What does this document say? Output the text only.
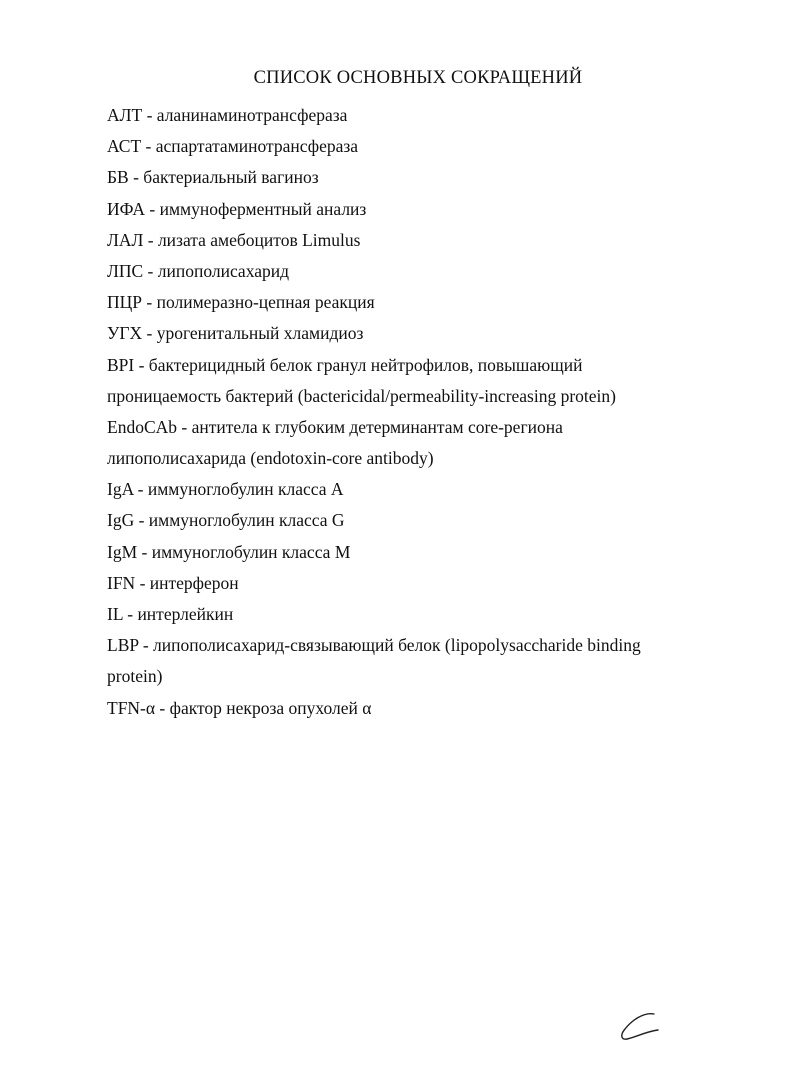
СПИСОК ОСНОВНЫХ СОКРАЩЕНИЙ
АЛТ - аланинаминотрансфераза
АСТ - аспартатаминотрансфераза
БВ - бактериальный вагиноз
ИФА - иммуноферментный анализ
ЛАЛ - лизата амебоцитов Limulus
ЛПС - липополисахарид
ПЦР - полимеразно-цепная реакция
УГХ - урогенитальный хламидиоз
BPI - бактерицидный белок гранул нейтрофилов, повышающий
проницаемость бактерий (bactericidal/permeability-increasing protein)
EndoCAb - антитела к глубоким детерминантам core-региона
липополисахарида (endotoxin-core antibody)
IgA - иммуноглобулин класса A
IgG - иммуноглобулин класса G
IgM - иммуноглобулин класса M
IFN - интерферон
IL - интерлейкин
LBP - липополисахарид-связывающий белок (lipopolysaccharide binding
protein)
TFN-α - фактор некроза опухолей α
